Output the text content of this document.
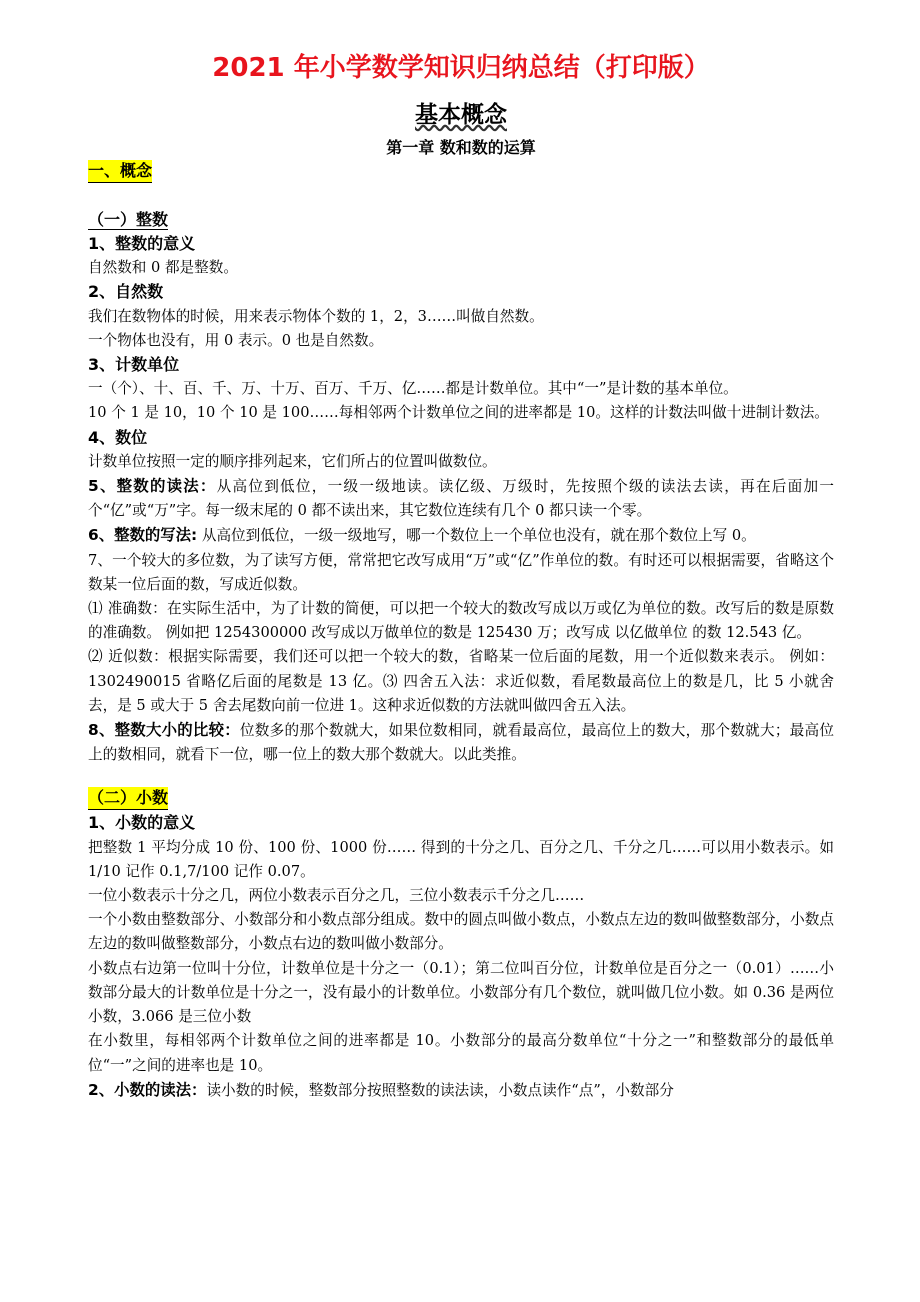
2021 年小学数学知识归纳总结（打印版）
基本概念
第一章 数和数的运算
一、概念
（一）整数
1、整数的意义

自然数和 0 都是整数。

2、自然数

我们在数物体的时候，用来表示物体个数的 1，2，3……叫做自然数。

一个物体也没有，用 0 表示。0 也是自然数。

3、计数单位

一（个）、十、百、千、万、十万、百万、千万、亿……都是计数单位。其中“一”是计数的基本单位。

10 个 1 是 10，10 个 10 是 100……每相邻两个计数单位之间的进率都是 10。这样的计数法叫做十进制计数法。

4、数位

计数单位按照一定的顺序排列起来，它们所占的位置叫做数位。

5、整数的读法：从高位到低位，一级一级地读。读亿级、万级时，先按照个级的读法去读，再在后面加一个“亿”或“万”字。每一级末尾的 0 都不读出来，其它数位连续有几个 0 都只读一个零。

6、整数的写法: 从高位到低位，一级一级地写，哪一个数位上一个单位也没有，就在那个数位上写 0。

7、一个较大的多位数，为了读写方便，常常把它改写成用“万”或“亿”作单位的数。有时还可以根据需要，省略这个数某一位后面的数，写成近似数。

⑴ 准确数：在实际生活中，为了计数的简便，可以把一个较大的数改写成以万或亿为单位的数。改写后的数是原数的准确数。 例如把 1254300000 改写成以万做单位的数是 125430 万；改写成 以亿做单位 的数 12.543 亿。

⑵ 近似数：根据实际需要，我们还可以把一个较大的数，省略某一位后面的尾数，用一个近似数来表示。 例如： 1302490015 省略亿后面的尾数是 13 亿。⑶ 四舍五入法：求近似数，看尾数最高位上的数是几，比 5 小就舍去，是 5 或大于 5 舍去尾数向前一位进 1。这种求近似数的方法就叫做四舍五入法。

8、整数大小的比较：位数多的那个数就大，如果位数相同，就看最高位，最高位上的数大，那个数就大；最高位上的数相同，就看下一位，哪一位上的数大那个数就大。以此类推。

（二）小数
1、小数的意义

把整数 1 平均分成 10 份、100 份、1000 份…… 得到的十分之几、百分之几、千分之几……可以用小数表示。如 1/10 记作 0.1,7/100 记作 0.07。

一位小数表示十分之几，两位小数表示百分之几，三位小数表示千分之几……

一个小数由整数部分、小数部分和小数点部分组成。数中的圆点叫做小数点，小数点左边的数叫做整数部分，小数点左边的数叫做整数部分，小数点右边的数叫做小数部分。

小数点右边第一位叫十分位，计数单位是十分之一（0.1）；第二位叫百分位，计数单位是百分之一（0.01）……小数部分最大的计数单位是十分之一，没有最小的计数单位。小数部分有几个数位，就叫做几位小数。如 0.36 是两位小数，3.066 是三位小数

在小数里，每相邻两个计数单位之间的进率都是 10。小数部分的最高分数单位“十分之一”和整数部分的最低单位“一”之间的进率也是 10。

2、小数的读法：读小数的时候，整数部分按照整数的读法读，小数点读作“点”，小数部分
